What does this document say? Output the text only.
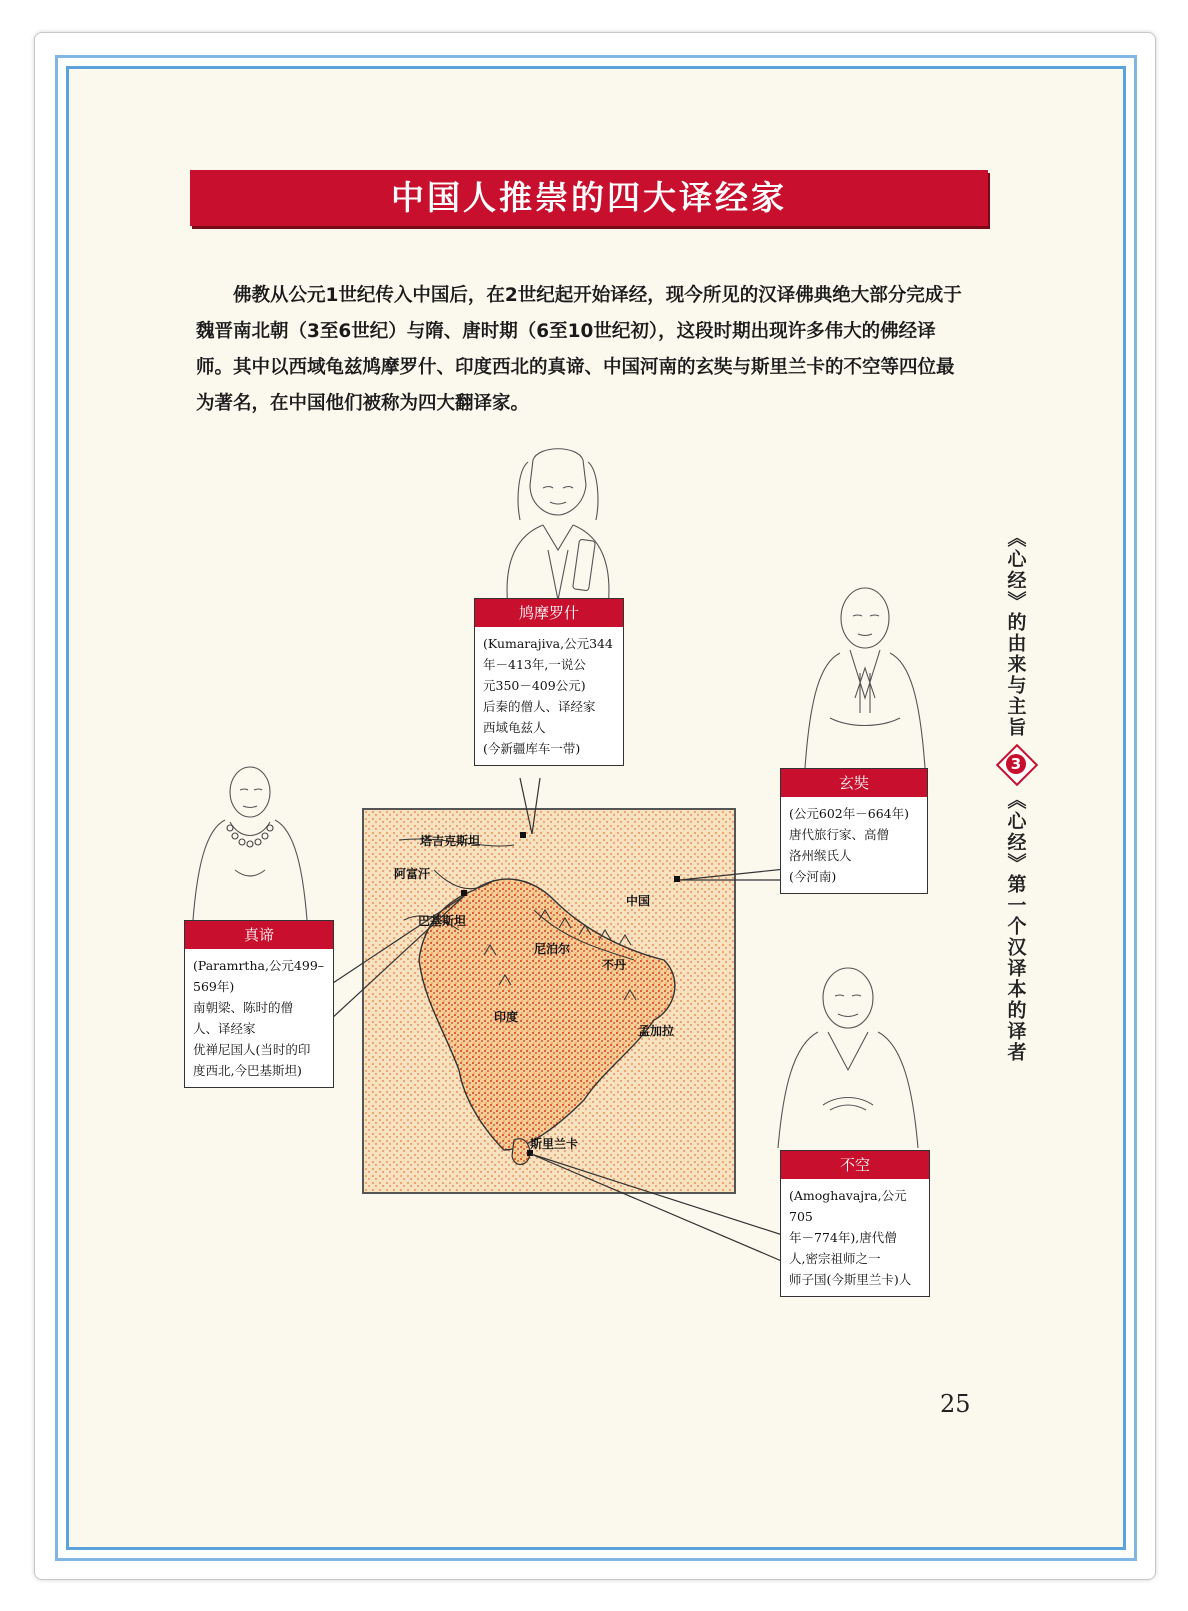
中国人推崇的四大译经家
佛教从公元1世纪传入中国后，在2世纪起开始译经，现今所见的汉译佛典绝大部分完成于魏晋南北朝（3至6世纪）与隋、唐时期（6至10世纪初），这段时期出现许多伟大的佛经译师。其中以西域龟兹鸠摩罗什、印度西北的真谛、中国河南的玄奘与斯里兰卡的不空等四位最为著名，在中国他们被称为四大翻译家。
《心经》的由来与主旨
3
《心经》第一个汉译本的译者
塔吉克斯坦
阿富汗
巴基斯坦
中国
尼泊尔
不丹
印度
孟加拉
斯里兰卡
鸠摩罗什

(Kumarajiva,公元344

年－413年,一说公

元350－409公元)

后秦的僧人、译经家

西域龟兹人

(今新疆库车一带)

玄奘

(公元602年－664年)

唐代旅行家、高僧

洛州缑氏人

(今河南)

真谛

(Paramrtha,公元499–

569年)

南朝梁、陈时的僧

人、译经家

优禅尼国人(当时的印

度西北,今巴基斯坦)

不空

(Amoghavajra,公元705

年－774年),唐代僧

人,密宗祖师之一

师子国(今斯里兰卡)人

25
